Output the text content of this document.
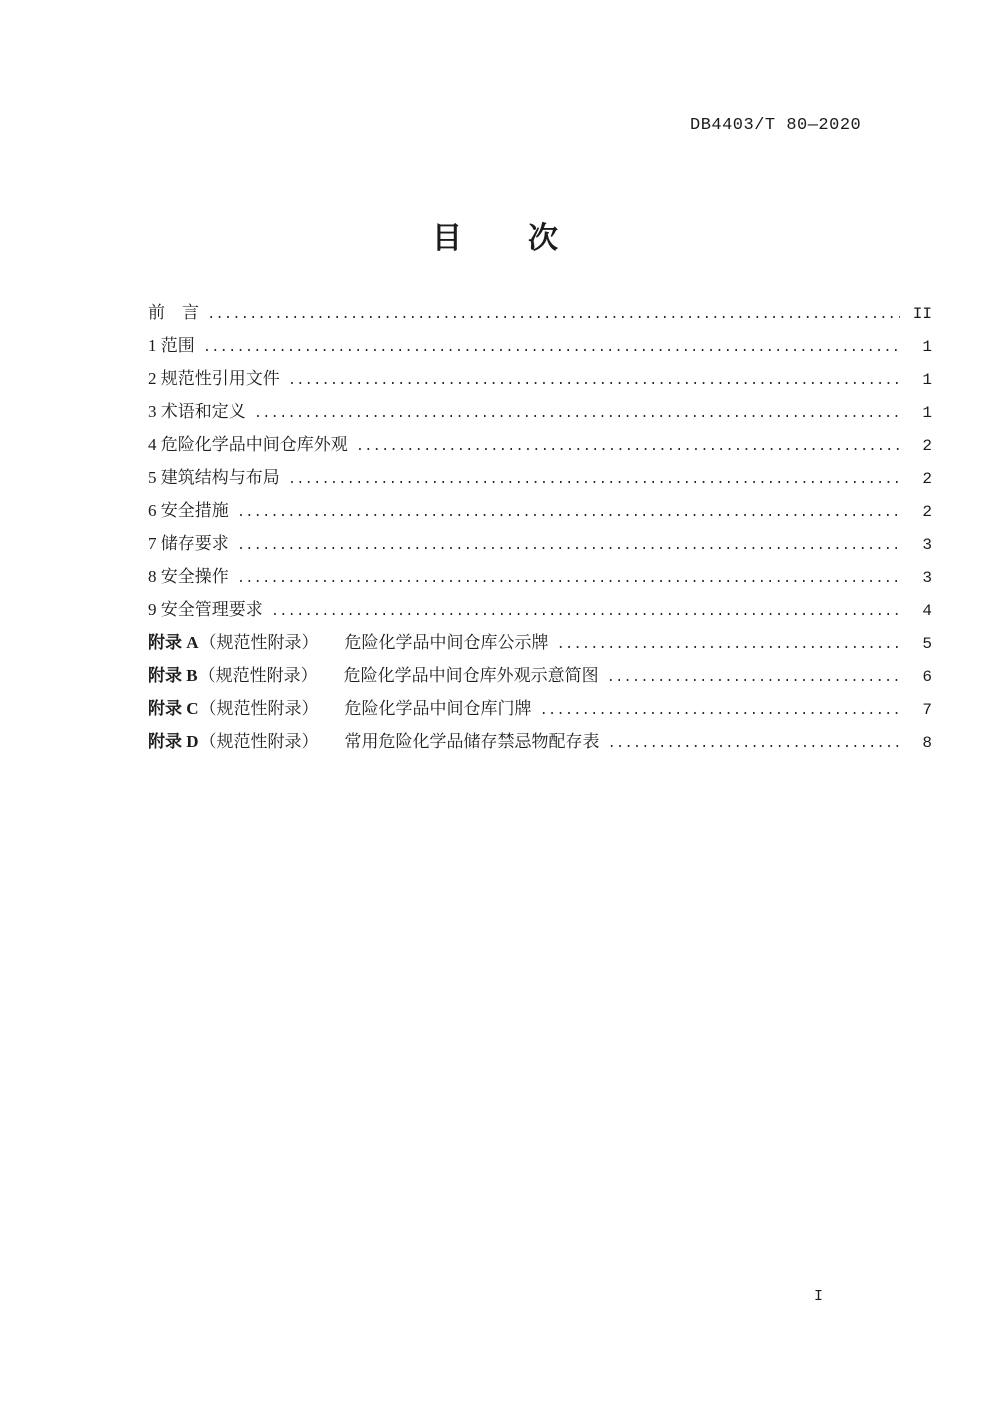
DB4403/T 80—2020
目　　次
前　言 .....	II
1 范围 .....	1
2 规范性引用文件 .....	1
3 术语和定义 .....	1
4 危险化学品中间仓库外观 .....	2
5 建筑结构与布局 .....	2
6 安全措施 .....	2
7 储存要求 .....	3
8 安全操作 .....	3
9 安全管理要求 .....	4
附录 A （规范性附录） 危险化学品中间仓库公示牌 .....	5
附录 B （规范性附录） 危险化学品中间仓库外观示意简图 .....	6
附录 C （规范性附录） 危险化学品中间仓库门牌 .....	7
附录 D （规范性附录） 常用危险化学品储存禁忌物配存表 .....	8
I
